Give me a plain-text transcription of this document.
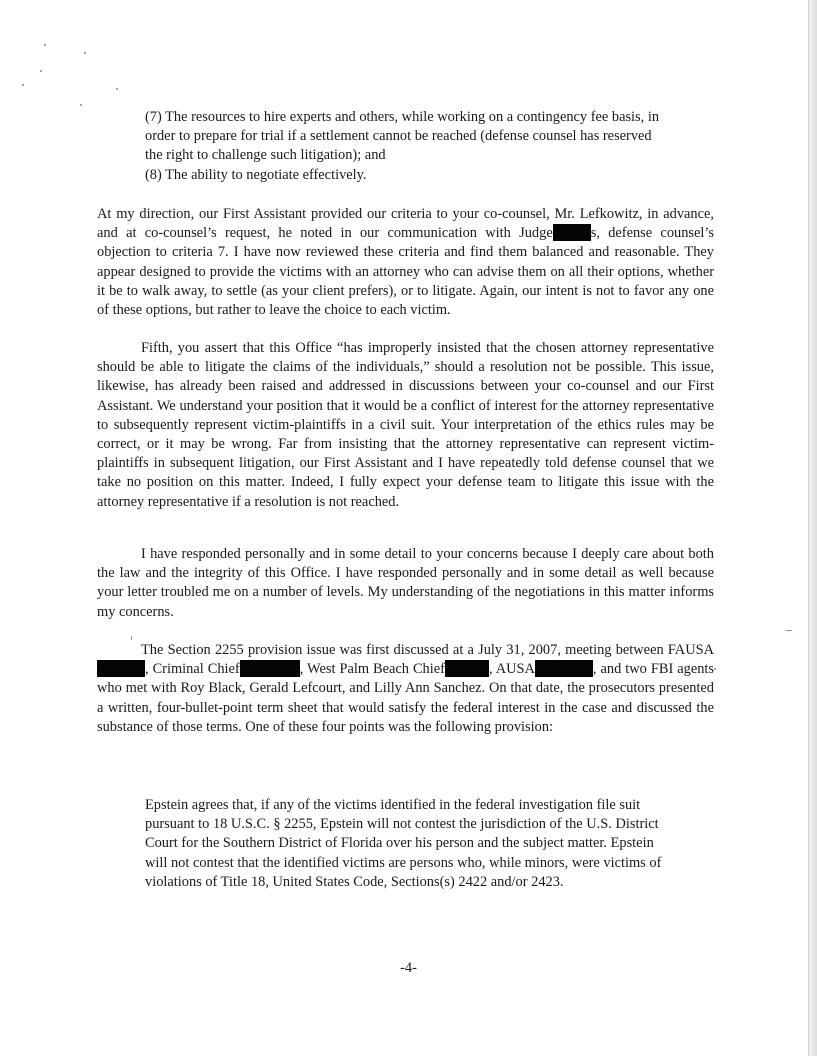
(7) The resources to hire experts and others, while working on a contingency fee basis, in order to prepare for trial if a settlement cannot be reached (defense counsel has reserved the right to challenge such litigation); and

(8) The ability to negotiate effectively.

At my direction, our First Assistant provided our criteria to your co-counsel, Mr. Lefkowitz, in advance, and at co-counsel’s request, he noted in our communication with Judge	s, defense counsel’s objection to criteria 7. I have now reviewed these criteria and find them balanced and reasonable. They appear designed to provide the victims with an attorney who can advise them on all their options, whether it be to walk away, to settle (as your client prefers), or to litigate. Again, our intent is not to favor any one of these options, but rather to leave the choice to each victim.

Fifth, you assert that this Office “has improperly insisted that the chosen attorney representative should be able to litigate the claims of the individuals,” should a resolution not be possible. This issue, likewise, has already been raised and addressed in discussions between your co-counsel and our First Assistant. We understand your position that it would be a conflict of interest for the attorney representative to subsequently represent victim-plaintiffs in a civil suit. Your interpretation of the ethics rules may be correct, or it may be wrong. Far from insisting that the attorney representative can represent victim-plaintiffs in subsequent litigation, our First Assistant and I have repeatedly told defense counsel that we take no position on this matter. Indeed, I fully expect your defense team to litigate this issue with the attorney representative if a resolution is not reached.

I have responded personally and in some detail to your concerns because I deeply care about both the law and the integrity of this Office. I have responded personally and in some detail as well because your letter troubled me on a number of levels. My understanding of the negotiations in this matter informs my concerns.

The Section 2255 provision issue was first discussed at a July 31, 2007, meeting between FAUSA, Criminal Chief	, West Palm Beach Chief	, AUSA	, and two FBI agents who met with Roy Black, Gerald Lefcourt, and Lilly Ann Sanchez. On that date, the prosecutors presented a written, four-bullet-point term sheet that would satisfy the federal interest in the case and discussed the substance of those terms. One of these four points was the following provision:

Epstein agrees that, if any of the victims identified in the federal investigation file suit pursuant to 18 U.S.C. § 2255, Epstein will not contest the jurisdiction of the U.S. District Court for the Southern District of Florida over his person and the subject matter. Epstein will not contest that the identified victims are persons who, while minors, were victims of violations of Title 18, United States Code, Sections(s) 2422 and/or 2423.

-4-
